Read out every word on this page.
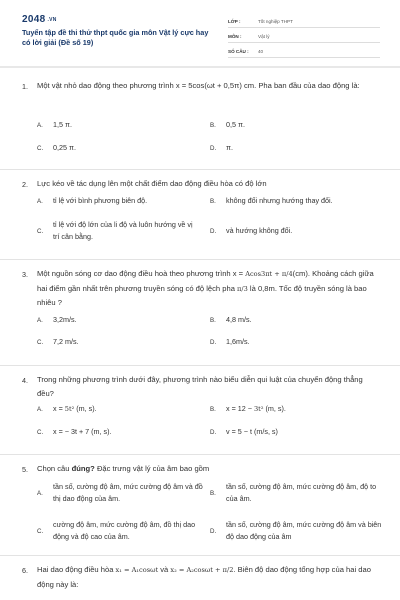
2048 $^{.VN}$
Tuyển tập đề thi thử thpt quốc gia môn Vật lý cực hay có lời giải (Đề số 19)
LỚP :	Tốt nghiệp THPT
MÔN :	Vật lý
SỐ CÂU :	40
1. Một vật nhỏ dao động theo phương trình x = 5cos(ωt + 0,5π) cm. Pha ban đầu của dao động là:
A.	1,5 π.	B.	0,5 π.
C.	0,25 π.	D.	π.
2. Lực kéo về tác dụng lên một chất điểm dao động điều hòa có độ lớn
A.	tỉ lệ với bình phương biên độ.	B.	không đổi nhưng hướng thay đổi.
C.
tỉ lệ với độ lớn của li độ và luôn hướng về vị trí cân bằng.
D.	và hướng không đổi.
3. Một nguồn sóng cơ dao động điều hoà theo phương trình x = Acos3πt + π/4(cm). Khoảng cách giữa hai điểm gần nhất trên phương truyền sóng có độ lệch pha π/3 là 0,8m. Tốc độ truyền sóng là bao nhiêu ?
A.	3,2m/s.	B.	4,8 m/s.
C.	7,2 m/s.	D.	1,6m/s.
4. Trong những phương trình dưới đây, phương trình nào biểu diễn qui luật của chuyển động thẳng đều?
A.	x = 5t² (m, s).	B.	x = 12 − 3t² (m, s).
C.	x = − 3t + 7 (m, s).	D.	v = 5 − t (m/s, s)
5. Chọn câu đúng? Đặc trưng vật lý của âm bao gồm
A.
tần số, cường độ âm, mức cường độ âm và đồ thị dao động của âm.
B.
tần số, cường độ âm, mức cường độ âm, độ to của âm.
C.
cường độ âm, mức cường độ âm, đồ thị dao động và độ cao của âm.
D.
tần số, cường độ âm, mức cường độ âm và biên độ dao động của âm
6. Hai dao động điều hòa x₁ = A₁cosωt và x₂ = A₂cosωt + π/2. Biên độ dao động tổng hợp của hai dao động này là:
